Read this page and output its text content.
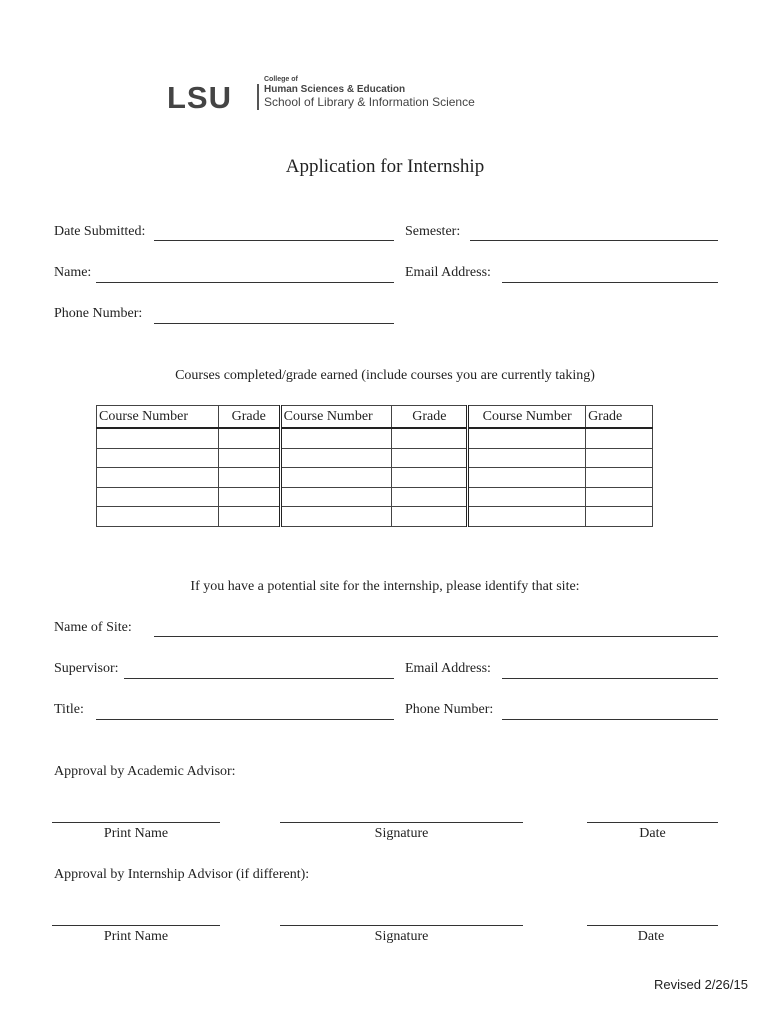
LSU
College of
Human Sciences & Education
School of Library & Information Science
Application for Internship
Date Submitted:	Semester:
Name:	Email Address:
Phone Number:
Courses completed/grade earned (include courses you are currently taking)
Course Number	Grade	Course Number	Grade	Course Number	Grade

If you have a potential site for the internship, please identify that site:
Name of Site:
Supervisor:	Email Address:
Title:	Phone Number:
Approval by Academic Advisor:
Print Name	Signature	Date
Approval by Internship Advisor (if different):
Print Name	Signature	Date
Revised 2/26/15
